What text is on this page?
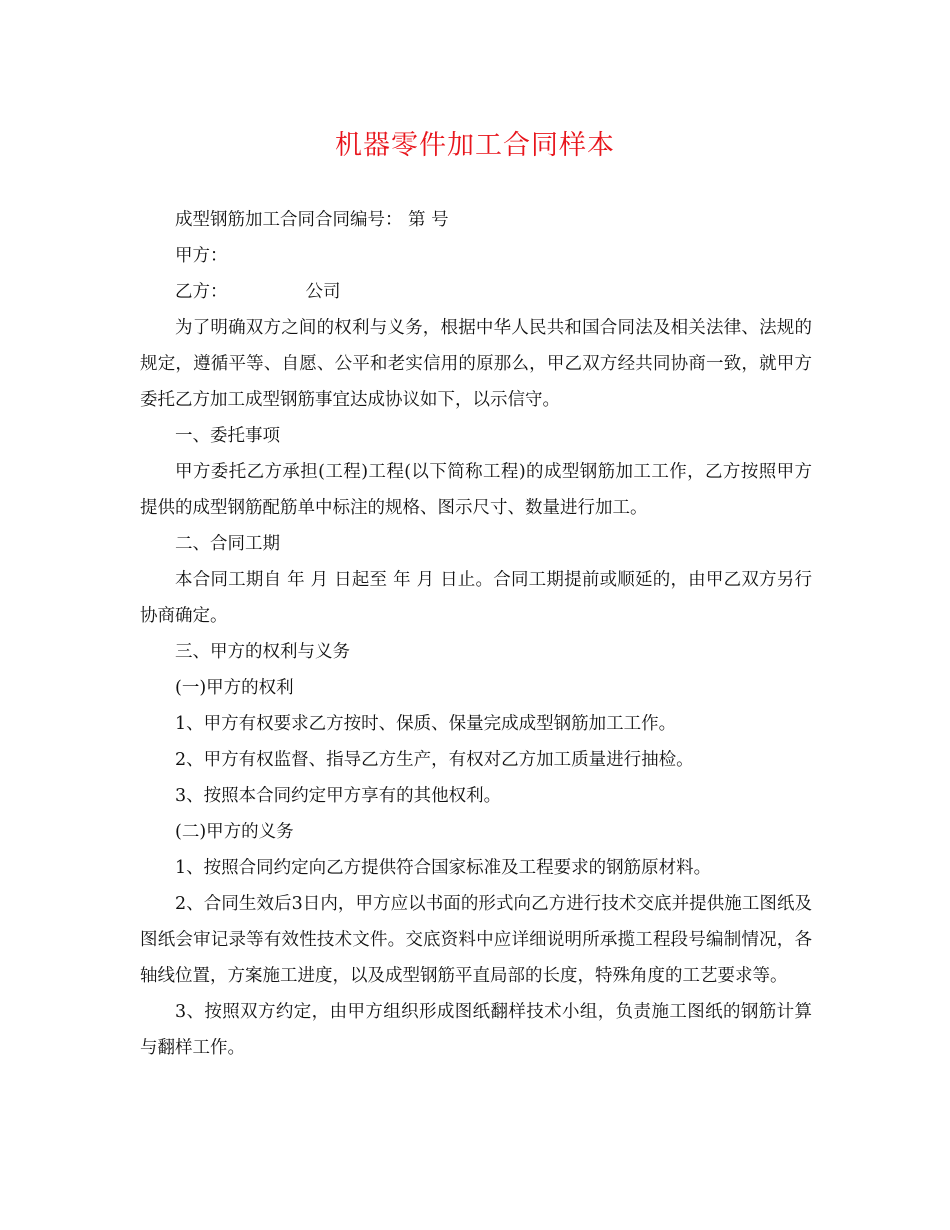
机器零件加工合同样本

成型钢筋加工合同合同编号： 第 号

甲方：

乙方：	公司

为了明确双方之间的权利与义务，根据中华人民共和国合同法及相关法律、法规的规定，遵循平等、自愿、公平和老实信用的原那么，甲乙双方经共同协商一致，就甲方委托乙方加工成型钢筋事宜达成协议如下，以示信守。

一、委托事项

甲方委托乙方承担(工程)工程(以下简称工程)的成型钢筋加工工作，乙方按照甲方提供的成型钢筋配筋单中标注的规格、图示尺寸、数量进行加工。

二、合同工期

本合同工期自 年 月 日起至 年 月 日止。合同工期提前或顺延的，由甲乙双方另行协商确定。

三、甲方的权利与义务

(一)甲方的权利

1、甲方有权要求乙方按时、保质、保量完成成型钢筋加工工作。

2、甲方有权监督、指导乙方生产，有权对乙方加工质量进行抽检。

3、按照本合同约定甲方享有的其他权利。

(二)甲方的义务

1、按照合同约定向乙方提供符合国家标准及工程要求的钢筋原材料。

2、合同生效后3日内，甲方应以书面的形式向乙方进行技术交底并提供施工图纸及图纸会审记录等有效性技术文件。交底资料中应详细说明所承揽工程段号编制情况，各轴线位置，方案施工进度，以及成型钢筋平直局部的长度，特殊角度的工艺要求等。

3、按照双方约定，由甲方组织形成图纸翻样技术小组，负责施工图纸的钢筋计算与翻样工作。
